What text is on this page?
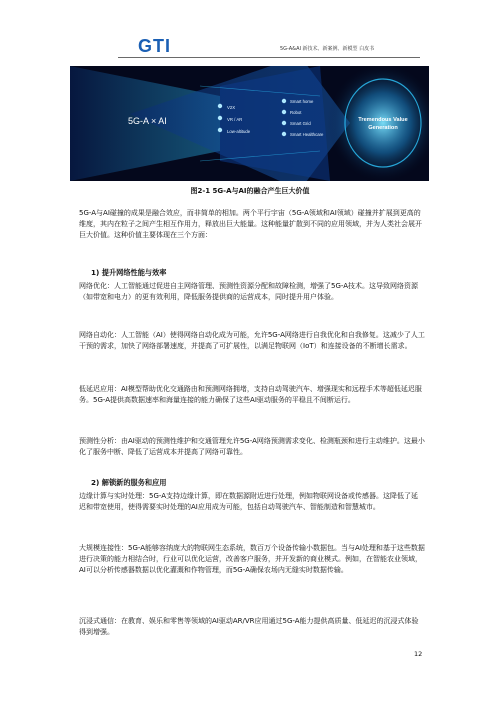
GTI	5G-A&AI 新技术、新案例、新模型 白皮书
5G-A × AI
V2X
VR / AR
Low-altitude
Smart home
Robot
Smart Grid
Smart Healthcare
Tremendous Value
Generation
图2-1 5G-A与AI的融合产生巨大价值

5G-A与AI碰撞的成果是融合效应，而非简单的相加。两个平行宇宙（5G-A领域和AI领域）碰撞并扩展到更高的维度，其内在粒子之间产生相互作用力，释放出巨大能量。这种能量扩散到不同的应用领域，并为人类社会展开巨大价值。这种价值主要体现在三个方面：

1) 提升网络性能与效率

网络优化：人工智能通过促进自主网络管理、预测性资源分配和故障检测，增强了5G-A技术。这导致网络资源（如带宽和电力）的更有效利用，降低服务提供商的运营成本，同时提升用户体验。

网络自动化：人工智能（AI）使得网络自动化成为可能，允许5G-A网络进行自我优化和自我修复。这减少了人工干预的需求，加快了网络部署速度，并提高了可扩展性，以满足物联网（IoT）和连接设备的不断增长需求。

低延迟应用：AI模型帮助优化交通路由和预测网络拥堵，支持自动驾驶汽车、增强现实和远程手术等超低延迟服务。5G-A提供高数据速率和海量连接的能力确保了这些AI驱动服务的平稳且不间断运行。

预测性分析：由AI驱动的预测性维护和交通管理允许5G-A网络预测需求变化、检测瓶颈和进行主动维护。这最小化了服务中断、降低了运营成本并提高了网络可靠性。

2) 解锁新的服务和应用

边缘计算与实时处理：5G-A支持边缘计算，即在数据源附近进行处理，例如物联网设备或传感器。这降低了延迟和带宽使用，使得需要实时处理的AI应用成为可能，包括自动驾驶汽车、智能制造和智慧城市。

大规模连接性：5G-A能够容纳庞大的物联网生态系统，数百万个设备传输小数据包。当与AI处理和基于这些数据进行决策的能力相结合时，行业可以优化运营，改善客户服务，并开发新的商业模式。例如，在智能农业领域，AI可以分析传感器数据以优化灌溉和作物管理，而5G-A确保农场内无缝实时数据传输。

沉浸式通信：在教育、娱乐和零售等领域的AI驱动AR/VR应用通过5G-A能力提供高质量、低延迟的沉浸式体验得到增强。

12
